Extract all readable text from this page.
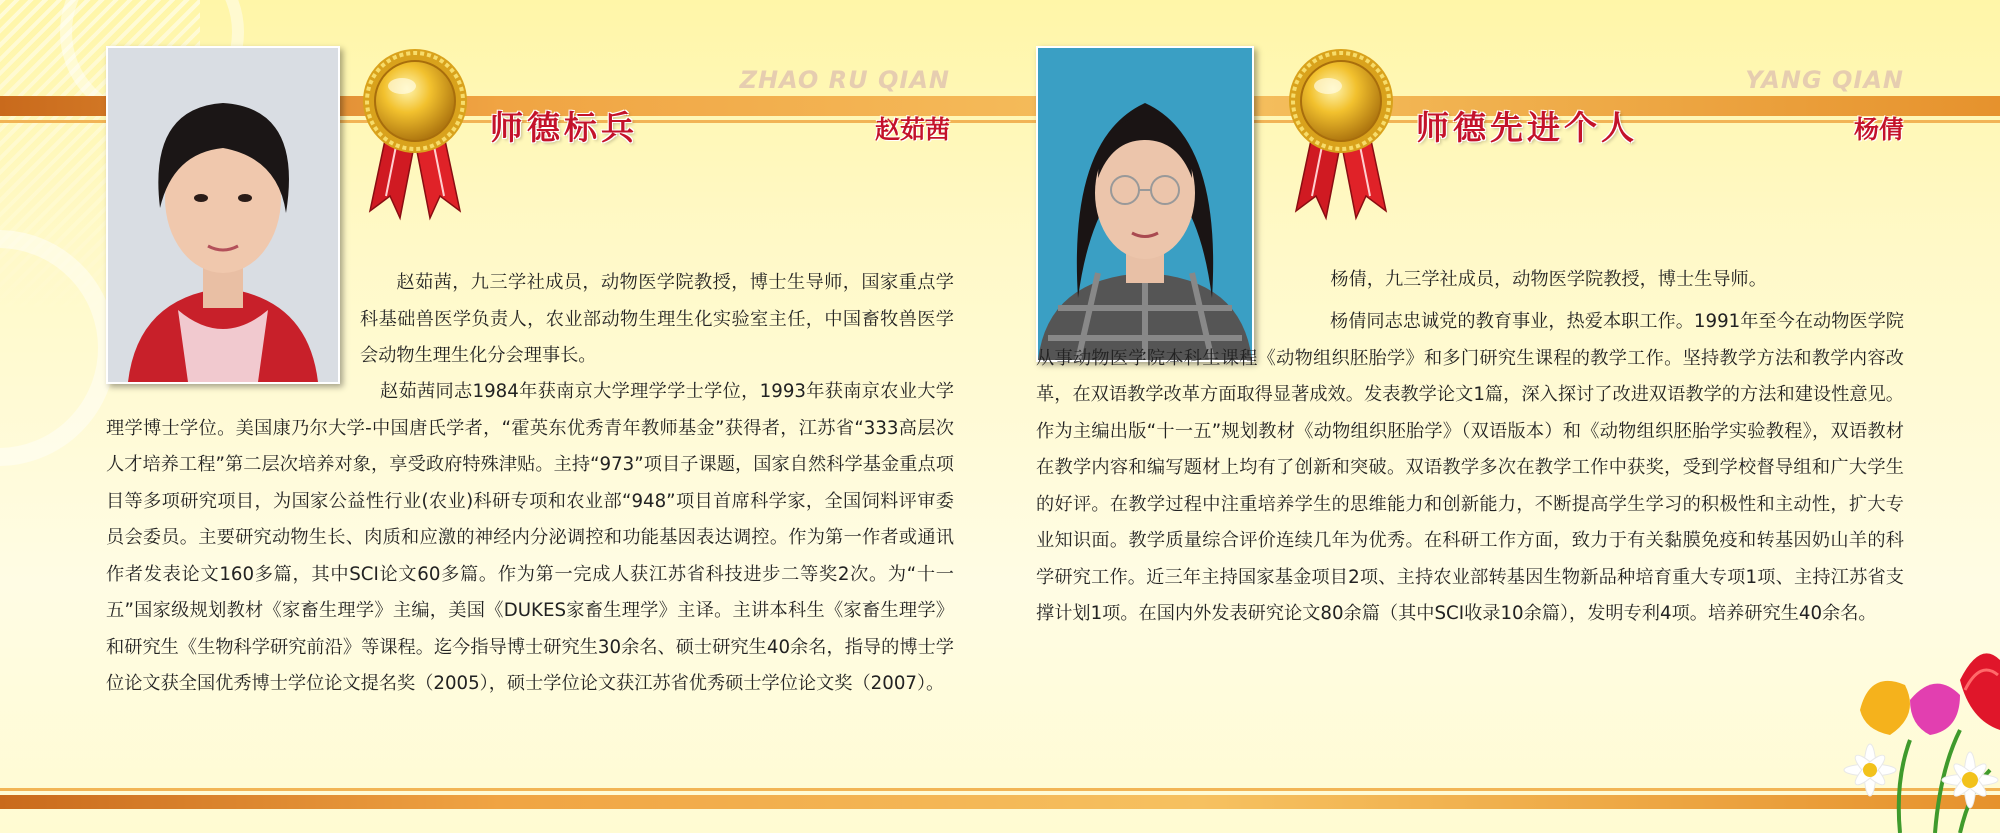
ZHAO RU QIAN
师德标兵	赵茹茜

赵茹茜，九三学社成员，动物医学院教授，博士生导师，国家重点学科基础兽医学负责人，农业部动物生理生化实验室主任，中国畜牧兽医学会动物生理生化分会理事长。

赵茹茜同志1984年获南京大学理学学士学位，1993年获南京农业大学理学博士学位。美国康乃尔大学-中国唐氏学者，“霍英东优秀青年教师基金”获得者，江苏省“333高层次人才培养工程”第二层次培养对象，享受政府特殊津贴。主持“973”项目子课题，国家自然科学基金重点项目等多项研究项目，为国家公益性行业(农业)科研专项和农业部“948”项目首席科学家，全国饲料评审委员会委员。主要研究动物生长、肉质和应激的神经内分泌调控和功能基因表达调控。作为第一作者或通讯作者发表论文160多篇，其中SCI论文60多篇。作为第一完成人获江苏省科技进步二等奖2次。为“十一五”国家级规划教材《家畜生理学》主编，美国《DUKES家畜生理学》主译。主讲本科生《家畜生理学》和研究生《生物科学研究前沿》等课程。迄今指导博士研究生30余名、硕士研究生40余名，指导的博士学位论文获全国优秀博士学位论文提名奖（2005），硕士学位论文获江苏省优秀硕士学位论文奖（2007）。

YANG QIAN
师德先进个人	杨倩

杨倩，九三学社成员，动物医学院教授，博士生导师。

杨倩同志忠诚党的教育事业，热爱本职工作。1991年至今在动物医学院从事动物医学院本科生课程《动物组织胚胎学》和多门研究生课程的教学工作。坚持教学方法和教学内容改革，在双语教学改革方面取得显著成效。发表教学论文1篇，深入探讨了改进双语教学的方法和建设性意见。作为主编出版“十一五”规划教材《动物组织胚胎学》（双语版本）和《动物组织胚胎学实验教程》，双语教材在教学内容和编写题材上均有了创新和突破。双语教学多次在教学工作中获奖，受到学校督导组和广大学生的好评。在教学过程中注重培养学生的思维能力和创新能力，不断提高学生学习的积极性和主动性，扩大专业知识面。教学质量综合评价连续几年为优秀。在科研工作方面，致力于有关黏膜免疫和转基因奶山羊的科学研究工作。近三年主持国家基金项目2项、主持农业部转基因生物新品种培育重大专项1项、主持江苏省支撑计划1项。在国内外发表研究论文80余篇（其中SCI收录10余篇），发明专利4项。培养研究生40余名。
